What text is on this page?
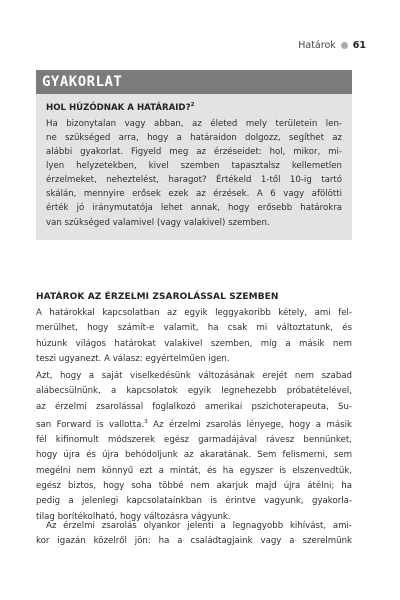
Határok 61
GYAKORLAT
HOL HÚZÓDNAK A HATÁRAID?$^2$
Ha bizonytalan vagy abban, az életed mely területein len-
ne szükséged arra, hogy a határaidon dolgozz, segíthet az
alábbi gyakorlat. Figyeld meg az érzéseidet: hol, mikor, mi-
lyen helyzetekben, kivel szemben tapasztalsz kellemetlen
érzelmeket, neheztelést, haragot? Értékeld 1-től 10-ig tartó
skálán, mennyire erősek ezek az érzések. A 6 vagy afölötti
érték jó iránymutatója lehet annak, hogy erősebb határokra
van szükséged valamivel (vagy valakivel) szemben.
HATÁROK AZ ÉRZELMI ZSAROLÁSSAL SZEMBEN
A határokkal kapcsolatban az egyik leggyakoribb kétely, ami fel-
merülhet, hogy számít-e valamit, ha csak mi változtatunk, és
húzunk világos határokat valakivel szemben, míg a másik nem
teszi ugyanezt. A válasz: egyértelműen igen.
Azt, hogy a saját viselkedésünk változásának erejét nem szabad
alábecsülnünk, a kapcsolatok egyik legnehezebb próbatételével,
az érzelmi zsarolással foglalkozó amerikai pszichoterapeuta, Su-
san Forward is vallotta.$^3$ Az érzelmi zsarolás lényege, hogy a másik
fél kifinomult módszerek egész garmadájával rávesz bennünket,
hogy újra és újra behódoljunk az akaratának. Sem felismerni, sem
megélni nem könnyű ezt a mintát, és ha egyszer is elszenvedtük,
egész biztos, hogy soha többé nem akarjuk majd újra átélni; ha
pedig a jelenlegi kapcsolatainkban is érintve vagyunk, gyakorla-
tilag borítékolható, hogy változásra vágyunk.
Az érzelmi zsarolás olyankor jelenti a legnagyobb kihívást, ami-
kor igazán közelről jön: ha a családtagjaink vagy a szerelmünk
